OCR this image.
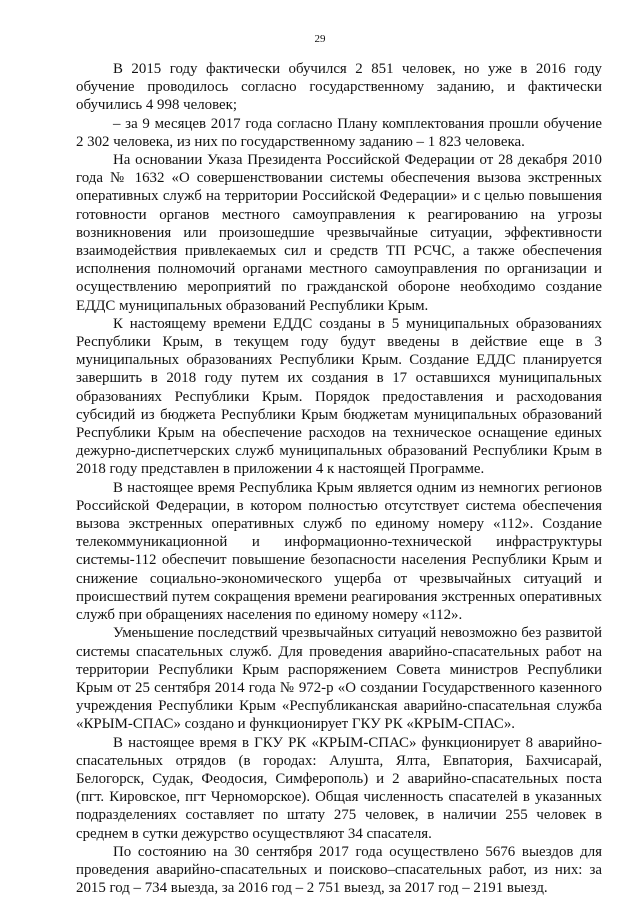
29

В 2015 году фактически обучился 2 851 человек, но уже в 2016 году обучение проводилось согласно государственному заданию, и фактически обучились 4 998 человек;

– за 9 месяцев 2017 года согласно Плану комплектования прошли обучение 2 302 человека, из них по государственному заданию – 1 823 человека.

На основании Указа Президента Российской Федерации от 28 декабря 2010 года № 1632 «О совершенствовании системы обеспечения вызова экстренных оперативных служб на территории Российской Федерации» и с целью повышения готовности органов местного самоуправления к реагированию на угрозы возникновения или произошедшие чрезвычайные ситуации, эффективности взаимодействия привлекаемых сил и средств ТП РСЧС, а также обеспечения исполнения полномочий органами местного самоуправления по организации и осуществлению мероприятий по гражданской обороне необходимо создание ЕДДС муниципальных образований Республики Крым.

К настоящему времени ЕДДС созданы в 5 муниципальных образованиях Республики Крым, в текущем году будут введены в действие еще в 3 муниципальных образованиях Республики Крым. Создание ЕДДС планируется завершить в 2018 году путем их создания в 17 оставшихся муниципальных образованиях Республики Крым. Порядок предоставления и расходования субсидий из бюджета Республики Крым бюджетам муниципальных образований Республики Крым на обеспечение расходов на техническое оснащение единых дежурно-диспетчерских служб муниципальных образований Республики Крым в 2018 году представлен в приложении 4 к настоящей Программе.

В настоящее время Республика Крым является одним из немногих регионов Российской Федерации, в котором полностью отсутствует система обеспечения вызова экстренных оперативных служб по единому номеру «112». Создание телекоммуникационной и информационно-технической инфраструктуры системы-112 обеспечит повышение безопасности населения Республики Крым и снижение социально-экономического ущерба от чрезвычайных ситуаций и происшествий путем сокращения времени реагирования экстренных оперативных служб при обращениях населения по единому номеру «112».

Уменьшение последствий чрезвычайных ситуаций невозможно без развитой системы спасательных служб. Для проведения аварийно-спасательных работ на территории Республики Крым распоряжением Совета министров Республики Крым от 25 сентября 2014 года № 972-р «О создании Государственного казенного учреждения Республики Крым «Республиканская аварийно-спасательная служба «КРЫМ-СПАС» создано и функционирует ГКУ РК «КРЫМ-СПАС».

В настоящее время в ГКУ РК «КРЫМ-СПАС» функционирует 8 аварийно-спасательных отрядов (в городах: Алушта, Ялта, Евпатория, Бахчисарай, Белогорск, Судак, Феодосия, Симферополь) и 2 аварийно-спасательных поста (пгт. Кировское, пгт Черноморское). Общая численность спасателей в указанных подразделениях составляет по штату 275 человек, в наличии 255 человек в среднем в сутки дежурство осуществляют 34 спасателя.

По состоянию на 30 сентября 2017 года осуществлено 5676 выездов для проведения аварийно-спасательных и поисково–спасательных работ, из них: за 2015 год – 734 выезда, за 2016 год – 2 751 выезд, за 2017 год – 2191 выезд.
